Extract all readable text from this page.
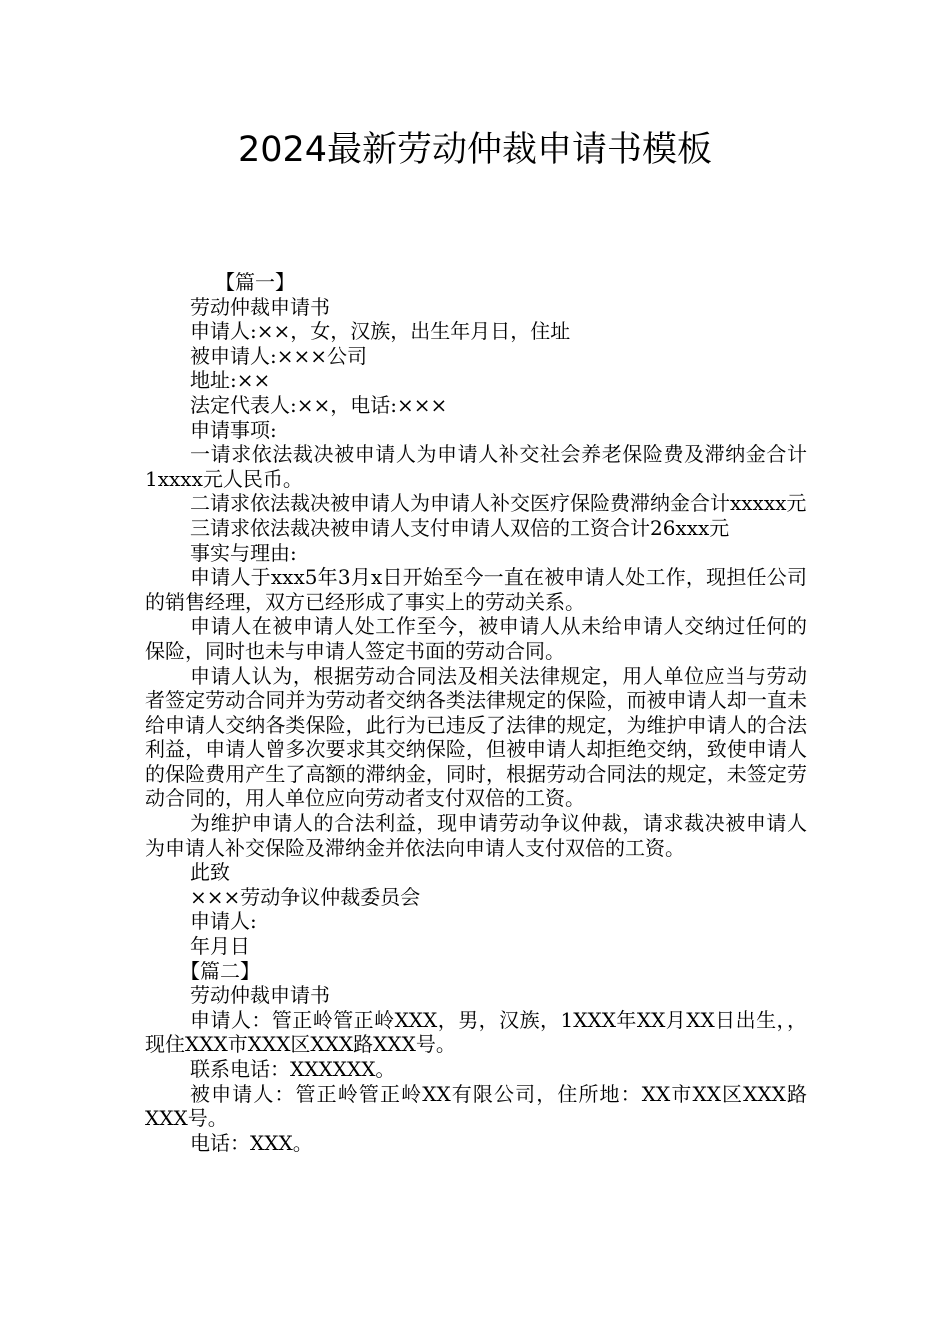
2024最新劳动仲裁申请书模板

【篇一】

劳动仲裁申请书

申请人:××，女，汉族，出生年月日，住址

被申请人:×××公司

地址:××

法定代表人:××，电话:×××

申请事项:

一请求依法裁决被申请人为申请人补交社会养老保险费及滞纳金合计1xxxx元人民币。

二请求依法裁决被申请人为申请人补交医疗保险费滞纳金合计xxxxx元

三请求依法裁决被申请人支付申请人双倍的工资合计26xxx元

事实与理由:

申请人于xxx5年3月x日开始至今一直在被申请人处工作，现担任公司的销售经理，双方已经形成了事实上的劳动关系。

申请人在被申请人处工作至今，被申请人从未给申请人交纳过任何的保险，同时也未与申请人签定书面的劳动合同。

申请人认为，根据劳动合同法及相关法律规定，用人单位应当与劳动者签定劳动合同并为劳动者交纳各类法律规定的保险，而被申请人却一直未给申请人交纳各类保险，此行为已违反了法律的规定，为维护申请人的合法利益，申请人曾多次要求其交纳保险，但被申请人却拒绝交纳，致使申请人的保险费用产生了高额的滞纳金，同时，根据劳动合同法的规定，未签定劳动合同的，用人单位应向劳动者支付双倍的工资。

为维护申请人的合法利益，现申请劳动争议仲裁，请求裁决被申请人为申请人补交保险及滞纳金并依法向申请人支付双倍的工资。

此致

×××劳动争议仲裁委员会

申请人:

年月日

【篇二】

劳动仲裁申请书

申请人：管正岭管正岭XXX，男，汉族，1XXX年XX月XX日出生，，现住XXX市XXX区XXX路XXX号。

联系电话：XXXXXX。

被申请人：管正岭管正岭XX有限公司，住所地：XX市XX区XXX路XXX号。

电话：XXX。
